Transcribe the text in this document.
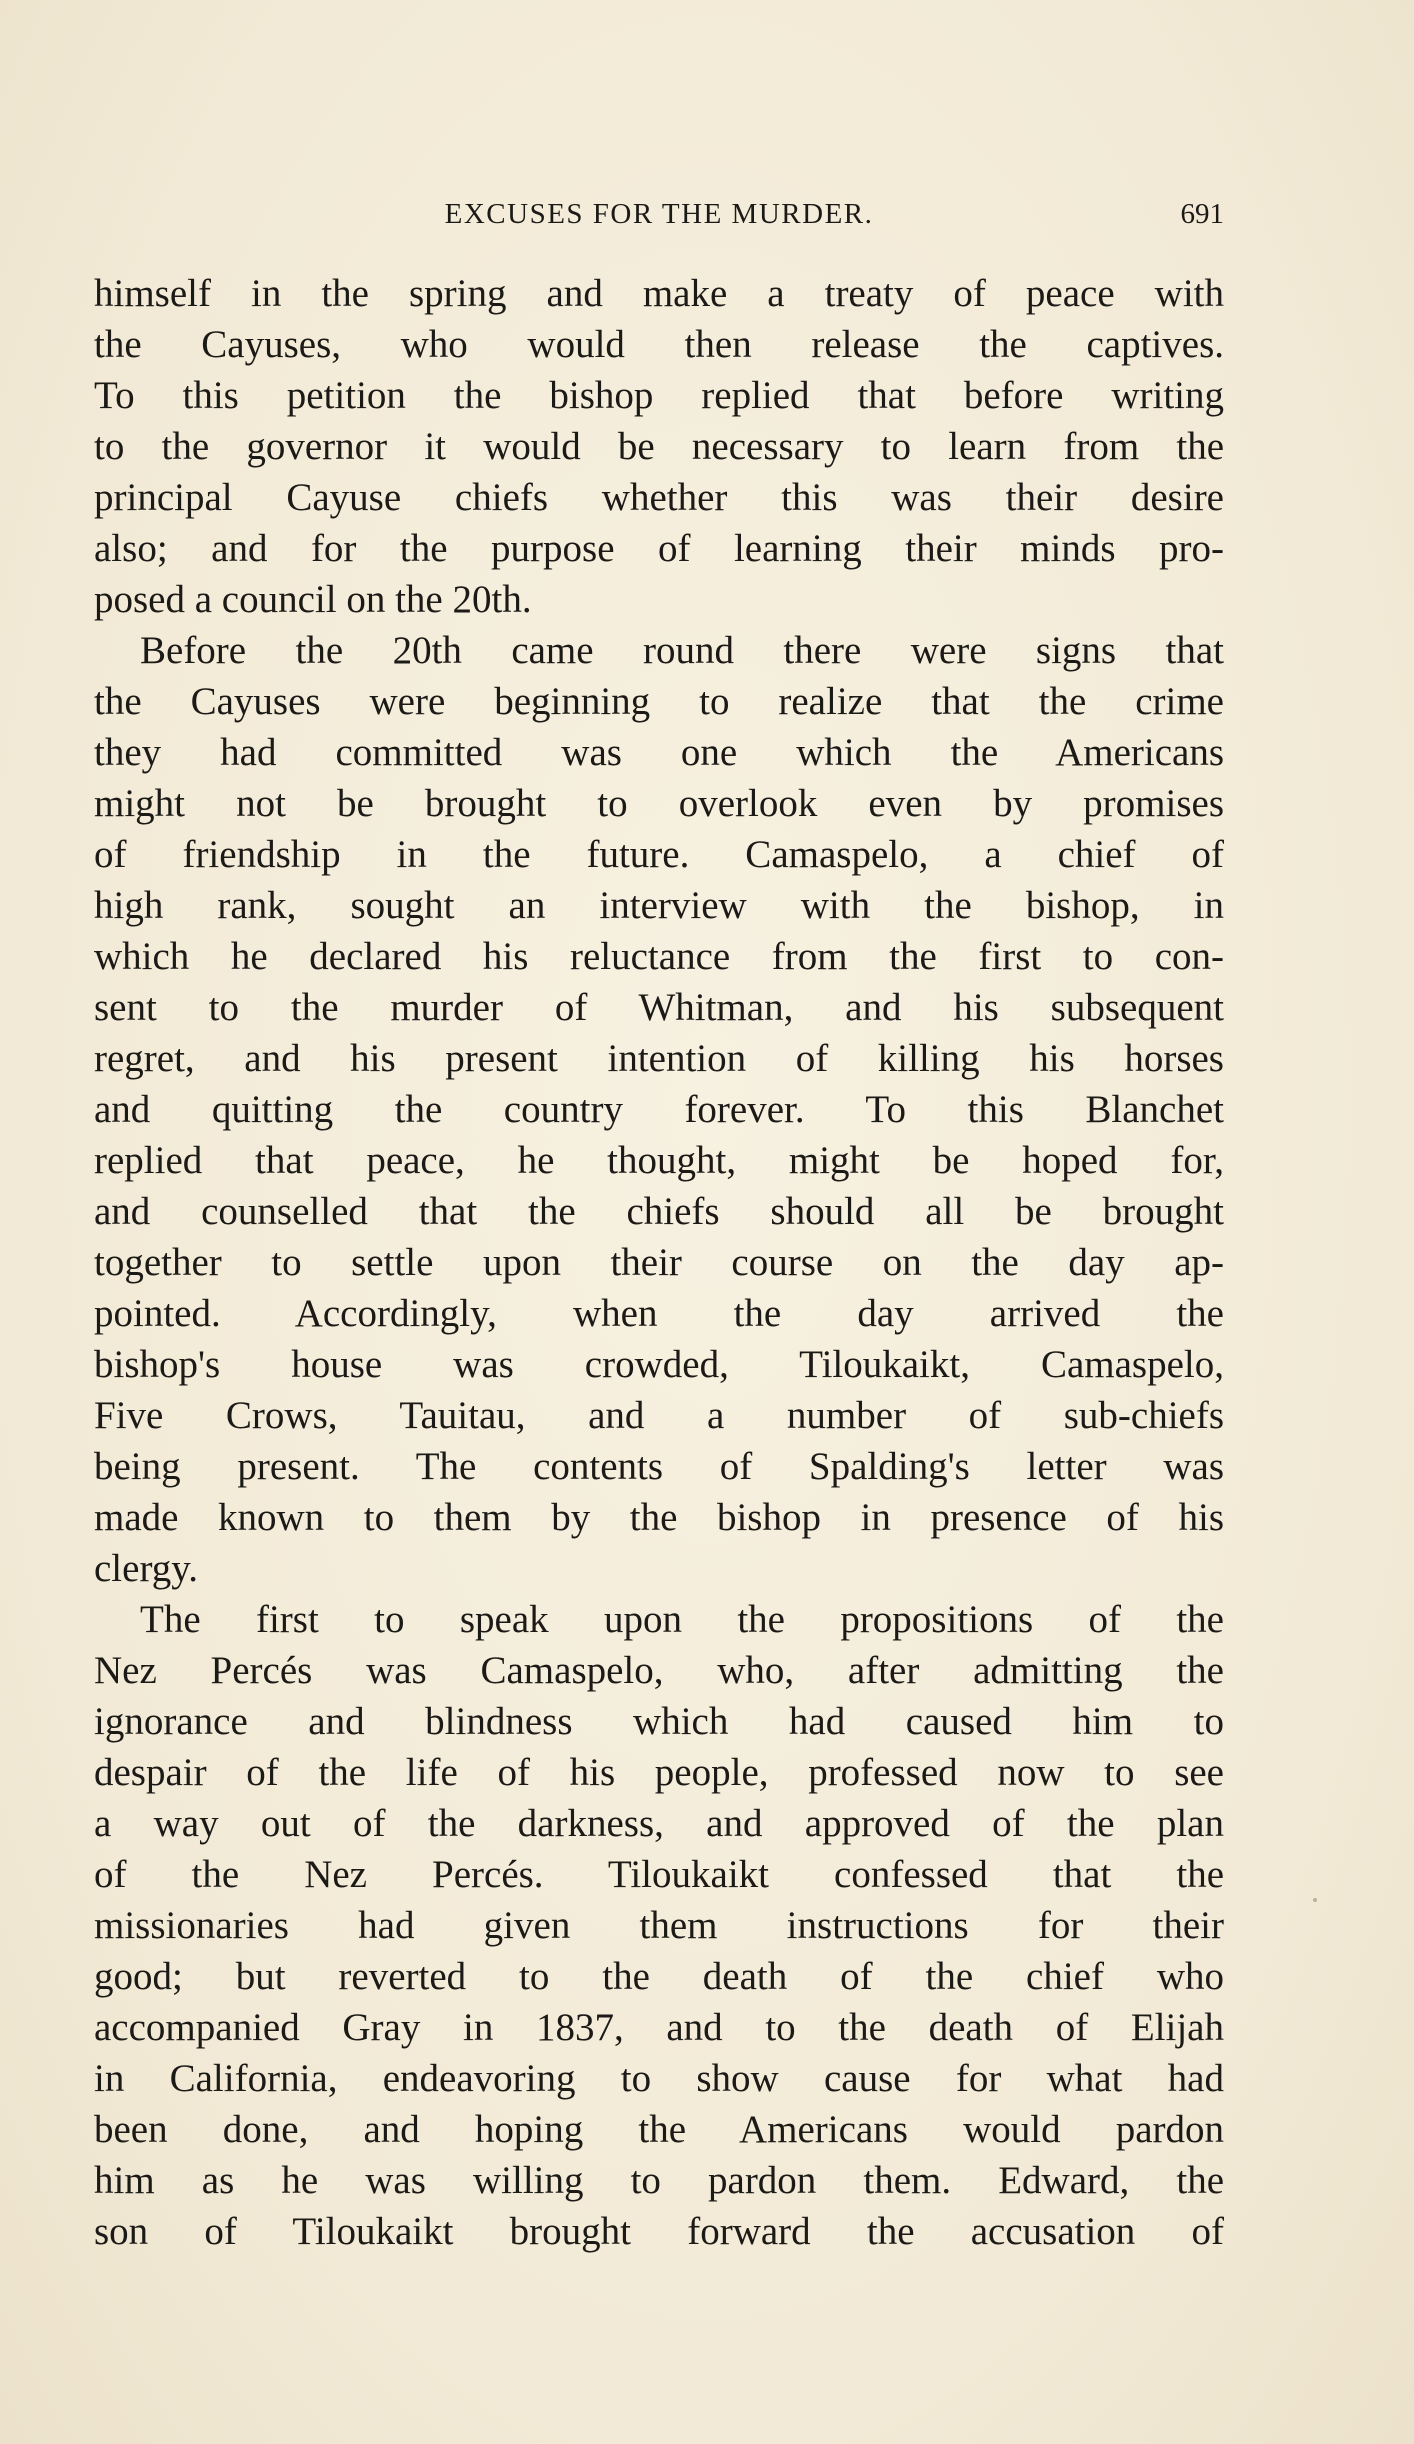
EXCUSES FOR THE MURDER.	691
himself in the spring and make a treaty of peace with
the Cayuses, who would then release the captives.
To this petition the bishop replied that before writing
to the governor it would be necessary to learn from the
principal Cayuse chiefs whether this was their desire
also; and for the purpose of learning their minds pro-
posed a council on the 20th.
Before the 20th came round there were signs that
the Cayuses were beginning to realize that the crime
they had committed was one which the Americans
might not be brought to overlook even by promises
of friendship in the future. Camaspelo, a chief of
high rank, sought an interview with the bishop, in
which he declared his reluctance from the first to con-
sent to the murder of Whitman, and his subsequent
regret, and his present intention of killing his horses
and quitting the country forever. To this Blanchet
replied that peace, he thought, might be hoped for,
and counselled that the chiefs should all be brought
together to settle upon their course on the day ap-
pointed. Accordingly, when the day arrived the
bishop's house was crowded, Tiloukaikt, Camaspelo,
Five Crows, Tauitau, and a number of sub-chiefs
being present. The contents of Spalding's letter was
made known to them by the bishop in presence of his
clergy.
The first to speak upon the propositions of the
Nez Percés was Camaspelo, who, after admitting the
ignorance and blindness which had caused him to
despair of the life of his people, professed now to see
a way out of the darkness, and approved of the plan
of the Nez Percés. Tiloukaikt confessed that the
missionaries had given them instructions for their
good; but reverted to the death of the chief who
accompanied Gray in 1837, and to the death of Elijah
in California, endeavoring to show cause for what had
been done, and hoping the Americans would pardon
him as he was willing to pardon them. Edward, the
son of Tiloukaikt brought forward the accusation of
